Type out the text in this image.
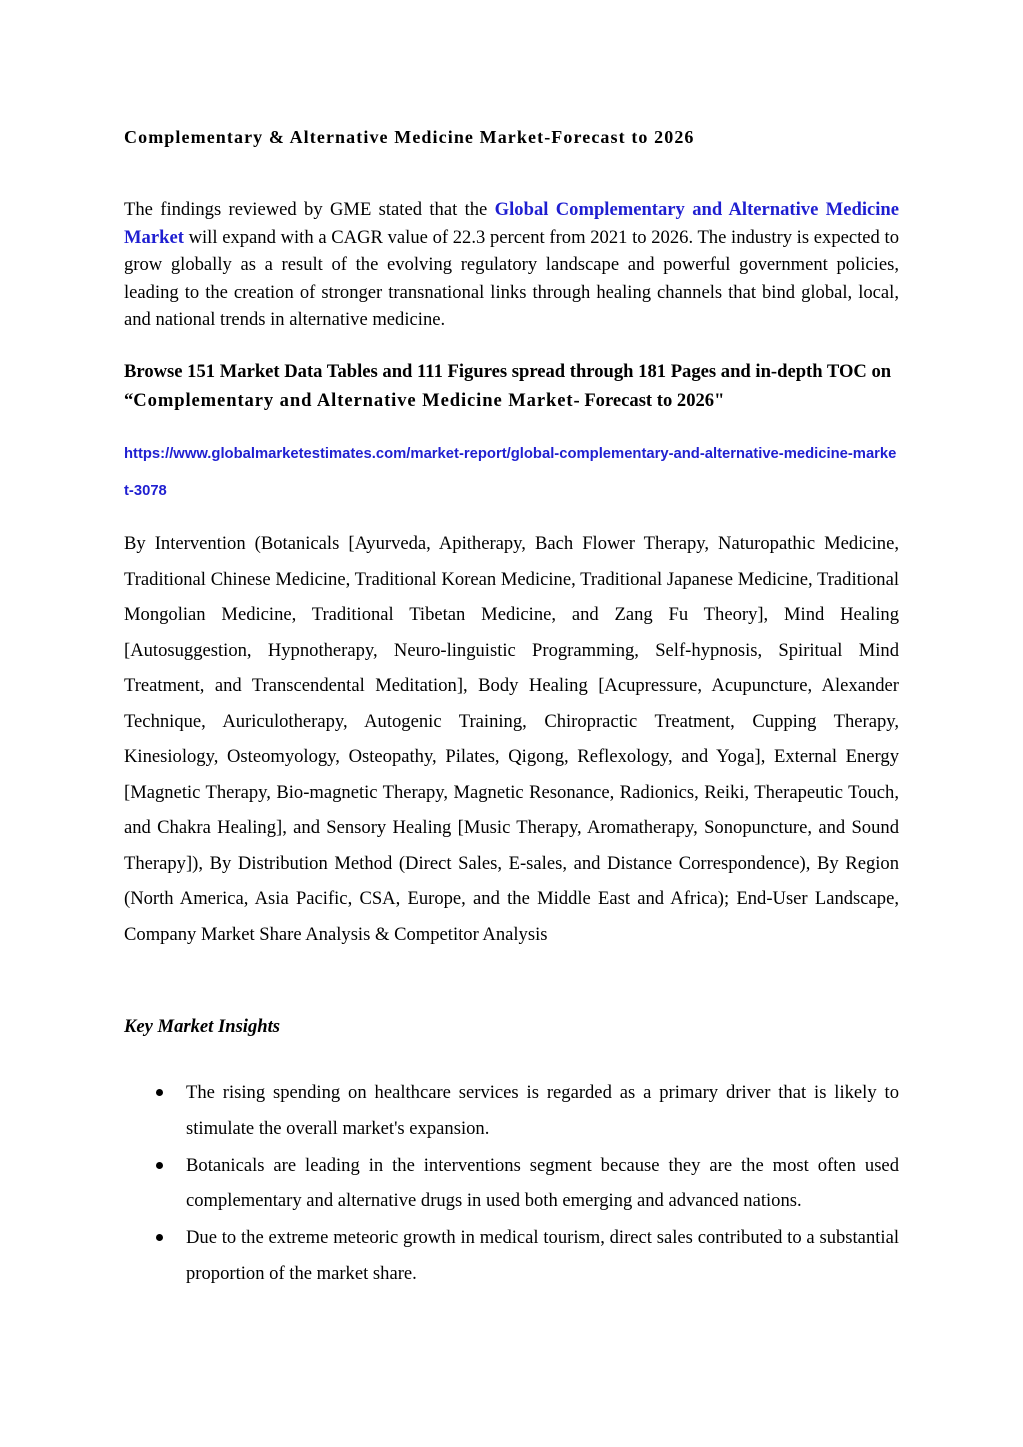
Complementary & Alternative Medicine Market-Forecast to 2026

The findings reviewed by GME stated that the Global Complementary and Alternative Medicine Market will expand with a CAGR value of 22.3 percent from 2021 to 2026. The industry is expected to grow globally as a result of the evolving regulatory landscape and powerful government policies, leading to the creation of stronger transnational links through healing channels that bind global, local, and national trends in alternative medicine.

Browse 151 Market Data Tables and 111 Figures spread through 181 Pages and in-depth TOC on “Complementary and Alternative Medicine Market- Forecast to 2026"

https://www.globalmarketestimates.com/market-report/global-complementary-and-alternative-medicine-market-3078

By Intervention (Botanicals [Ayurveda, Apitherapy, Bach Flower Therapy, Naturopathic Medicine, Traditional Chinese Medicine, Traditional Korean Medicine, Traditional Japanese Medicine, Traditional Mongolian Medicine, Traditional Tibetan Medicine, and Zang Fu Theory], Mind Healing [Autosuggestion, Hypnotherapy, Neuro-linguistic Programming, Self-hypnosis, Spiritual Mind Treatment, and Transcendental Meditation], Body Healing [Acupressure, Acupuncture, Alexander Technique, Auriculotherapy, Autogenic Training, Chiropractic Treatment, Cupping Therapy, Kinesiology, Osteomyology, Osteopathy, Pilates, Qigong, Reflexology, and Yoga], External Energy [Magnetic Therapy, Bio-magnetic Therapy, Magnetic Resonance, Radionics, Reiki, Therapeutic Touch, and Chakra Healing], and Sensory Healing [Music Therapy, Aromatherapy, Sonopuncture, and Sound Therapy]), By Distribution Method (Direct Sales, E-sales, and Distance Correspondence), By Region (North America, Asia Pacific, CSA, Europe, and the Middle East and Africa); End-User Landscape, Company Market Share Analysis & Competitor Analysis

Key Market Insights
The rising spending on healthcare services is regarded as a primary driver that is likely to stimulate the overall market's expansion.
Botanicals are leading in the interventions segment because they are the most often used complementary and alternative drugs in used both emerging and advanced nations.
Due to the extreme meteoric growth in medical tourism, direct sales contributed to a substantial proportion of the market share.
